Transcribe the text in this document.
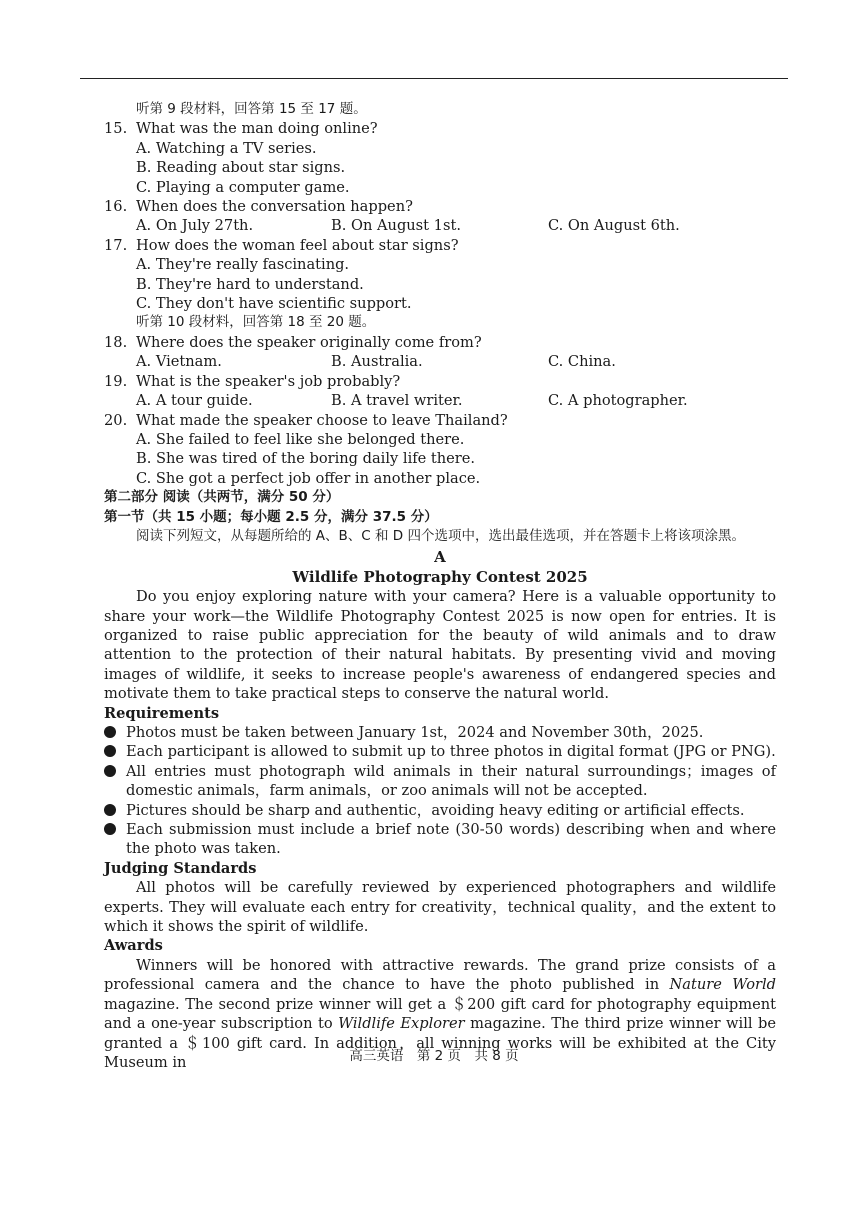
听第 9 段材料，回答第 15 至 17 题。
15. What was the man doing online?
A. Watching a TV series.
B. Reading about star signs.
C. Playing a computer game.
16. When does the conversation happen?
A. On July 27th.	B. On August 1st.	C. On August 6th.
17. How does the woman feel about star signs?
A. They're really fascinating.
B. They're hard to understand.
C. They don't have scientific support.
听第 10 段材料，回答第 18 至 20 题。
18. Where does the speaker originally come from?
A. Vietnam.	B. Australia.	C. China.
19. What is the speaker's job probably?
A. A tour guide.	B. A travel writer.	C. A photographer.
20. What made the speaker choose to leave Thailand?
A. She failed to feel like she belonged there.
B. She was tired of the boring daily life there.
C. She got a perfect job offer in another place.
第二部分 阅读（共两节，满分 50 分）
第一节（共 15 小题；每小题 2.5 分，满分 37.5 分）
阅读下列短文，从每题所给的 A、B、C 和 D 四个选项中，选出最佳选项，并在答题卡上将该项涂黑。
A
Wildlife Photography Contest 2025
Do you enjoy exploring nature with your camera? Here is a valuable opportunity to share your work—the Wildlife Photography Contest 2025 is now open for entries. It is organized to raise public appreciation for the beauty of wild animals and to draw attention to the protection of their natural habitats. By presenting vivid and moving images of wildlife, it seeks to increase people's awareness of endangered species and motivate them to take practical steps to conserve the natural world.
Requirements
Photos must be taken between January 1st，2024 and November 30th，2025.
Each participant is allowed to submit up to three photos in digital format (JPG or PNG).
All entries must photograph wild animals in their natural surroundings；images of domestic animals，farm animals，or zoo animals will not be accepted.
Pictures should be sharp and authentic，avoiding heavy editing or artificial effects.
Each submission must include a brief note (30-50 words) describing when and where the photo was taken.
Judging Standards
All photos will be carefully reviewed by experienced photographers and wildlife experts. They will evaluate each entry for creativity，technical quality，and the extent to which it shows the spirit of wildlife.
Awards
Winners will be honored with attractive rewards. The grand prize consists of a professional camera and the chance to have the photo published in Nature World magazine. The second prize winner will get a ＄200 gift card for photography equipment and a one-year subscription to Wildlife Explorer magazine. The third prize winner will be granted a ＄100 gift card. In addition，all winning works will be exhibited at the City Museum in	高三英语　第 2 页　共 8 页
